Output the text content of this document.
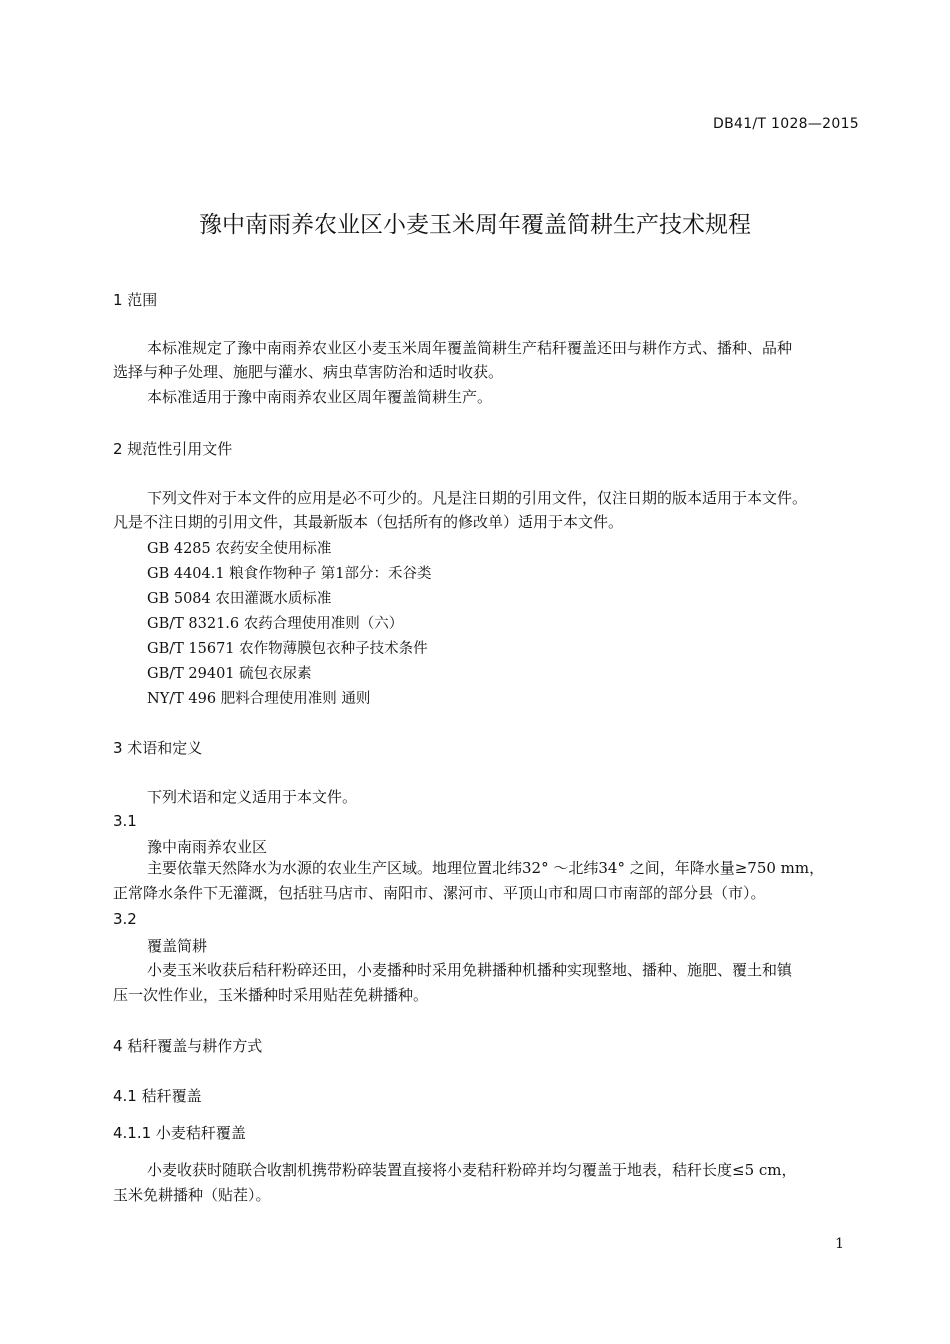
DB41/T 1028—2015
豫中南雨养农业区小麦玉米周年覆盖简耕生产技术规程
1 范围
本标准规定了豫中南雨养农业区小麦玉米周年覆盖简耕生产秸秆覆盖还田与耕作方式、播种、品种
选择与种子处理、施肥与灌水、病虫草害防治和适时收获。
本标准适用于豫中南雨养农业区周年覆盖简耕生产。
2 规范性引用文件
下列文件对于本文件的应用是必不可少的。凡是注日期的引用文件，仅注日期的版本适用于本文件。
凡是不注日期的引用文件，其最新版本（包括所有的修改单）适用于本文件。
GB 4285 农药安全使用标准
GB 4404.1 粮食作物种子 第1部分：禾谷类
GB 5084 农田灌溉水质标准
GB/T 8321.6 农药合理使用准则（六）
GB/T 15671 农作物薄膜包衣种子技术条件
GB/T 29401 硫包衣尿素
NY/T 496 肥料合理使用准则 通则
3 术语和定义
下列术语和定义适用于本文件。
3.1
豫中南雨养农业区
主要依靠天然降水为水源的农业生产区域。地理位置北纬32° ～北纬34° 之间，年降水量≥750 mm，
正常降水条件下无灌溉，包括驻马店市、南阳市、漯河市、平顶山市和周口市南部的部分县（市）。
3.2
覆盖简耕
小麦玉米收获后秸秆粉碎还田，小麦播种时采用免耕播种机播种实现整地、播种、施肥、覆土和镇
压一次性作业，玉米播种时采用贴茬免耕播种。
4 秸秆覆盖与耕作方式
4.1 秸秆覆盖
4.1.1 小麦秸秆覆盖
小麦收获时随联合收割机携带粉碎装置直接将小麦秸秆粉碎并均匀覆盖于地表，秸秆长度≤5 cm，
玉米免耕播种（贴茬）。
1
